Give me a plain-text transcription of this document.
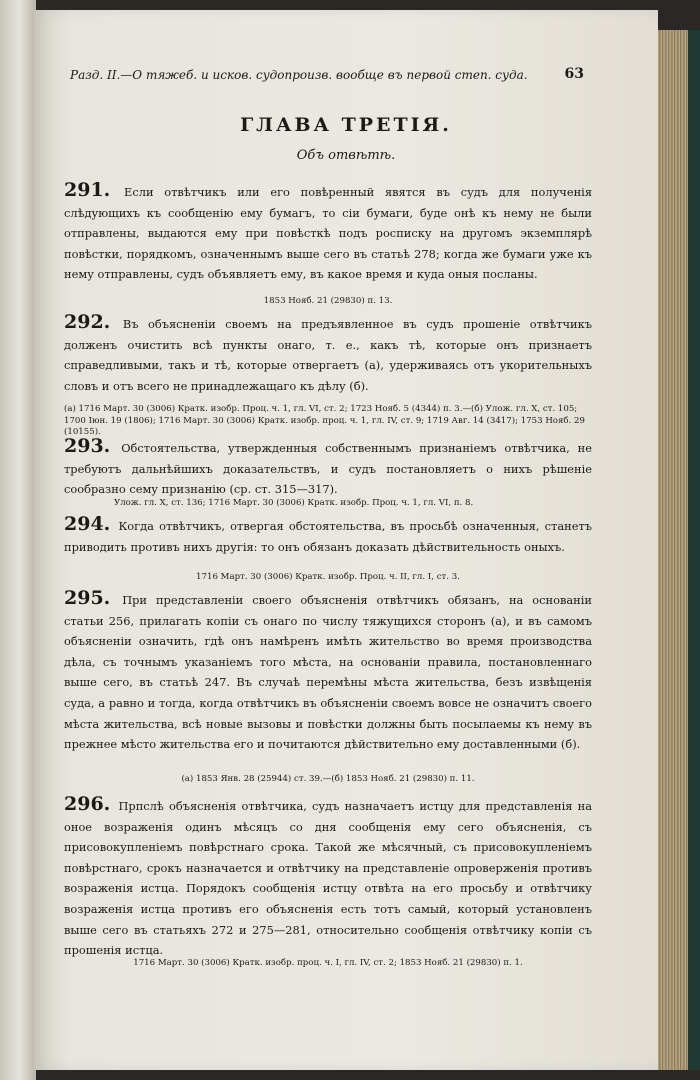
Разд. II.—О тяжеб. и исков. судопроизв. вообще въ первой степ. суда.	63
ГЛАВА ТРЕТІЯ.
Объ отвѣтѣ.
291. Если отвѣтчикъ или его повѣренный явятся въ судъ для полученія слѣдующихъ къ сообщенію ему бумагъ, то сіи бумаги, буде онѣ къ нему не были отправлены, выдаются ему при повѣсткѣ подъ росписку на другомъ экземплярѣ повѣстки, порядкомъ, означеннымъ выше сего въ статьѣ 278; когда же бумаги уже къ нему отправлены, судъ объявляетъ ему, въ какое время и куда оныя посланы.
1853 Нояб. 21 (29830) п. 13.
292. Въ объясненіи своемъ на предъявленное въ судъ прошеніе отвѣтчикъ долженъ очистить всѣ пункты онаго, т. е., какъ тѣ, которые онъ признаетъ справедливыми, такъ и тѣ, которые отвергаетъ (а), удерживаясь отъ укорительныхъ словъ и отъ всего не принадлежащаго къ дѣлу (б).
(а) 1716 Март. 30 (3006) Кратк. изобр. Проц. ч. 1, гл. VI, ст. 2; 1723 Нояб. 5 (4344) п. 3.—(б) Улож. гл. X, ст. 105; 1700 Іюн. 19 (1806); 1716 Март. 30 (3006) Кратк. изобр. проц. ч. 1, гл. IV, ст. 9; 1719 Авг. 14 (3417); 1753 Нояб. 29 (10155).
293. Обстоятельства, утвержденныя собственнымъ признаніемъ отвѣтчика, не требуютъ дальнѣйшихъ доказательствъ, и судъ постановляетъ о нихъ рѣшеніе сообразно сему признанію (ср. ст. 315—317).
Улож. гл. X, ст. 136; 1716 Март. 30 (3006) Кратк. изобр. Проц. ч. 1, гл. VI, п. 8.
294. Когда отвѣтчикъ, отвергая обстоятельства, въ просьбѣ означенныя, станетъ приводить противъ нихъ другія: то онъ обязанъ доказать дѣйствительность оныхъ.
1716 Март. 30 (3006) Кратк. изобр. Проц. ч. II, гл. I, ст. 3.
295. При представленіи своего объясненія отвѣтчикъ обязанъ, на основаніи статьи 256, прилагать копіи съ онаго по числу тяжущихся сторонъ (а), и въ самомъ объясненіи означить, гдѣ онъ намѣренъ имѣть жительство во время производства дѣла, съ точнымъ указаніемъ того мѣста, на основаніи правила, постановленнаго выше сего, въ статьѣ 247. Въ случаѣ перемѣны мѣста жительства, безъ извѣщенія суда, а равно и тогда, когда отвѣтчикъ въ объясненіи своемъ вовсе не означитъ своего мѣста жительства, всѣ новые вызовы и повѣстки должны быть посылаемы къ нему въ прежнее мѣсто жительства его и почитаются дѣйствительно ему доставленными (б).
(а) 1853 Янв. 28 (25944) ст. 39.—(б) 1853 Нояб. 21 (29830) п. 11.
296. Прпслѣ объясненія отвѣтчика, судъ назначаетъ истцу для представленія на оное возраженія одинъ мѣсяцъ со дня сообщенія ему сего объясненія, съ присовокупленіемъ повѣрстнаго срока. Такой же мѣсячный, съ присовокупленіемъ повѣрстнаго, срокъ назначается и отвѣтчику на представленіе опроверженія противъ возраженія истца. Порядокъ сообщенія истцу отвѣта на его просьбу и отвѣтчику возраженія истца противъ его объясненія есть тотъ самый, который установленъ выше сего въ статьяхъ 272 и 275—281, относительно сообщенія отвѣтчику копіи съ прошенія истца.
1716 Март. 30 (3006) Кратк. изобр. проц. ч. I, гл. IV, ст. 2; 1853 Нояб. 21 (29830) п. 1.
